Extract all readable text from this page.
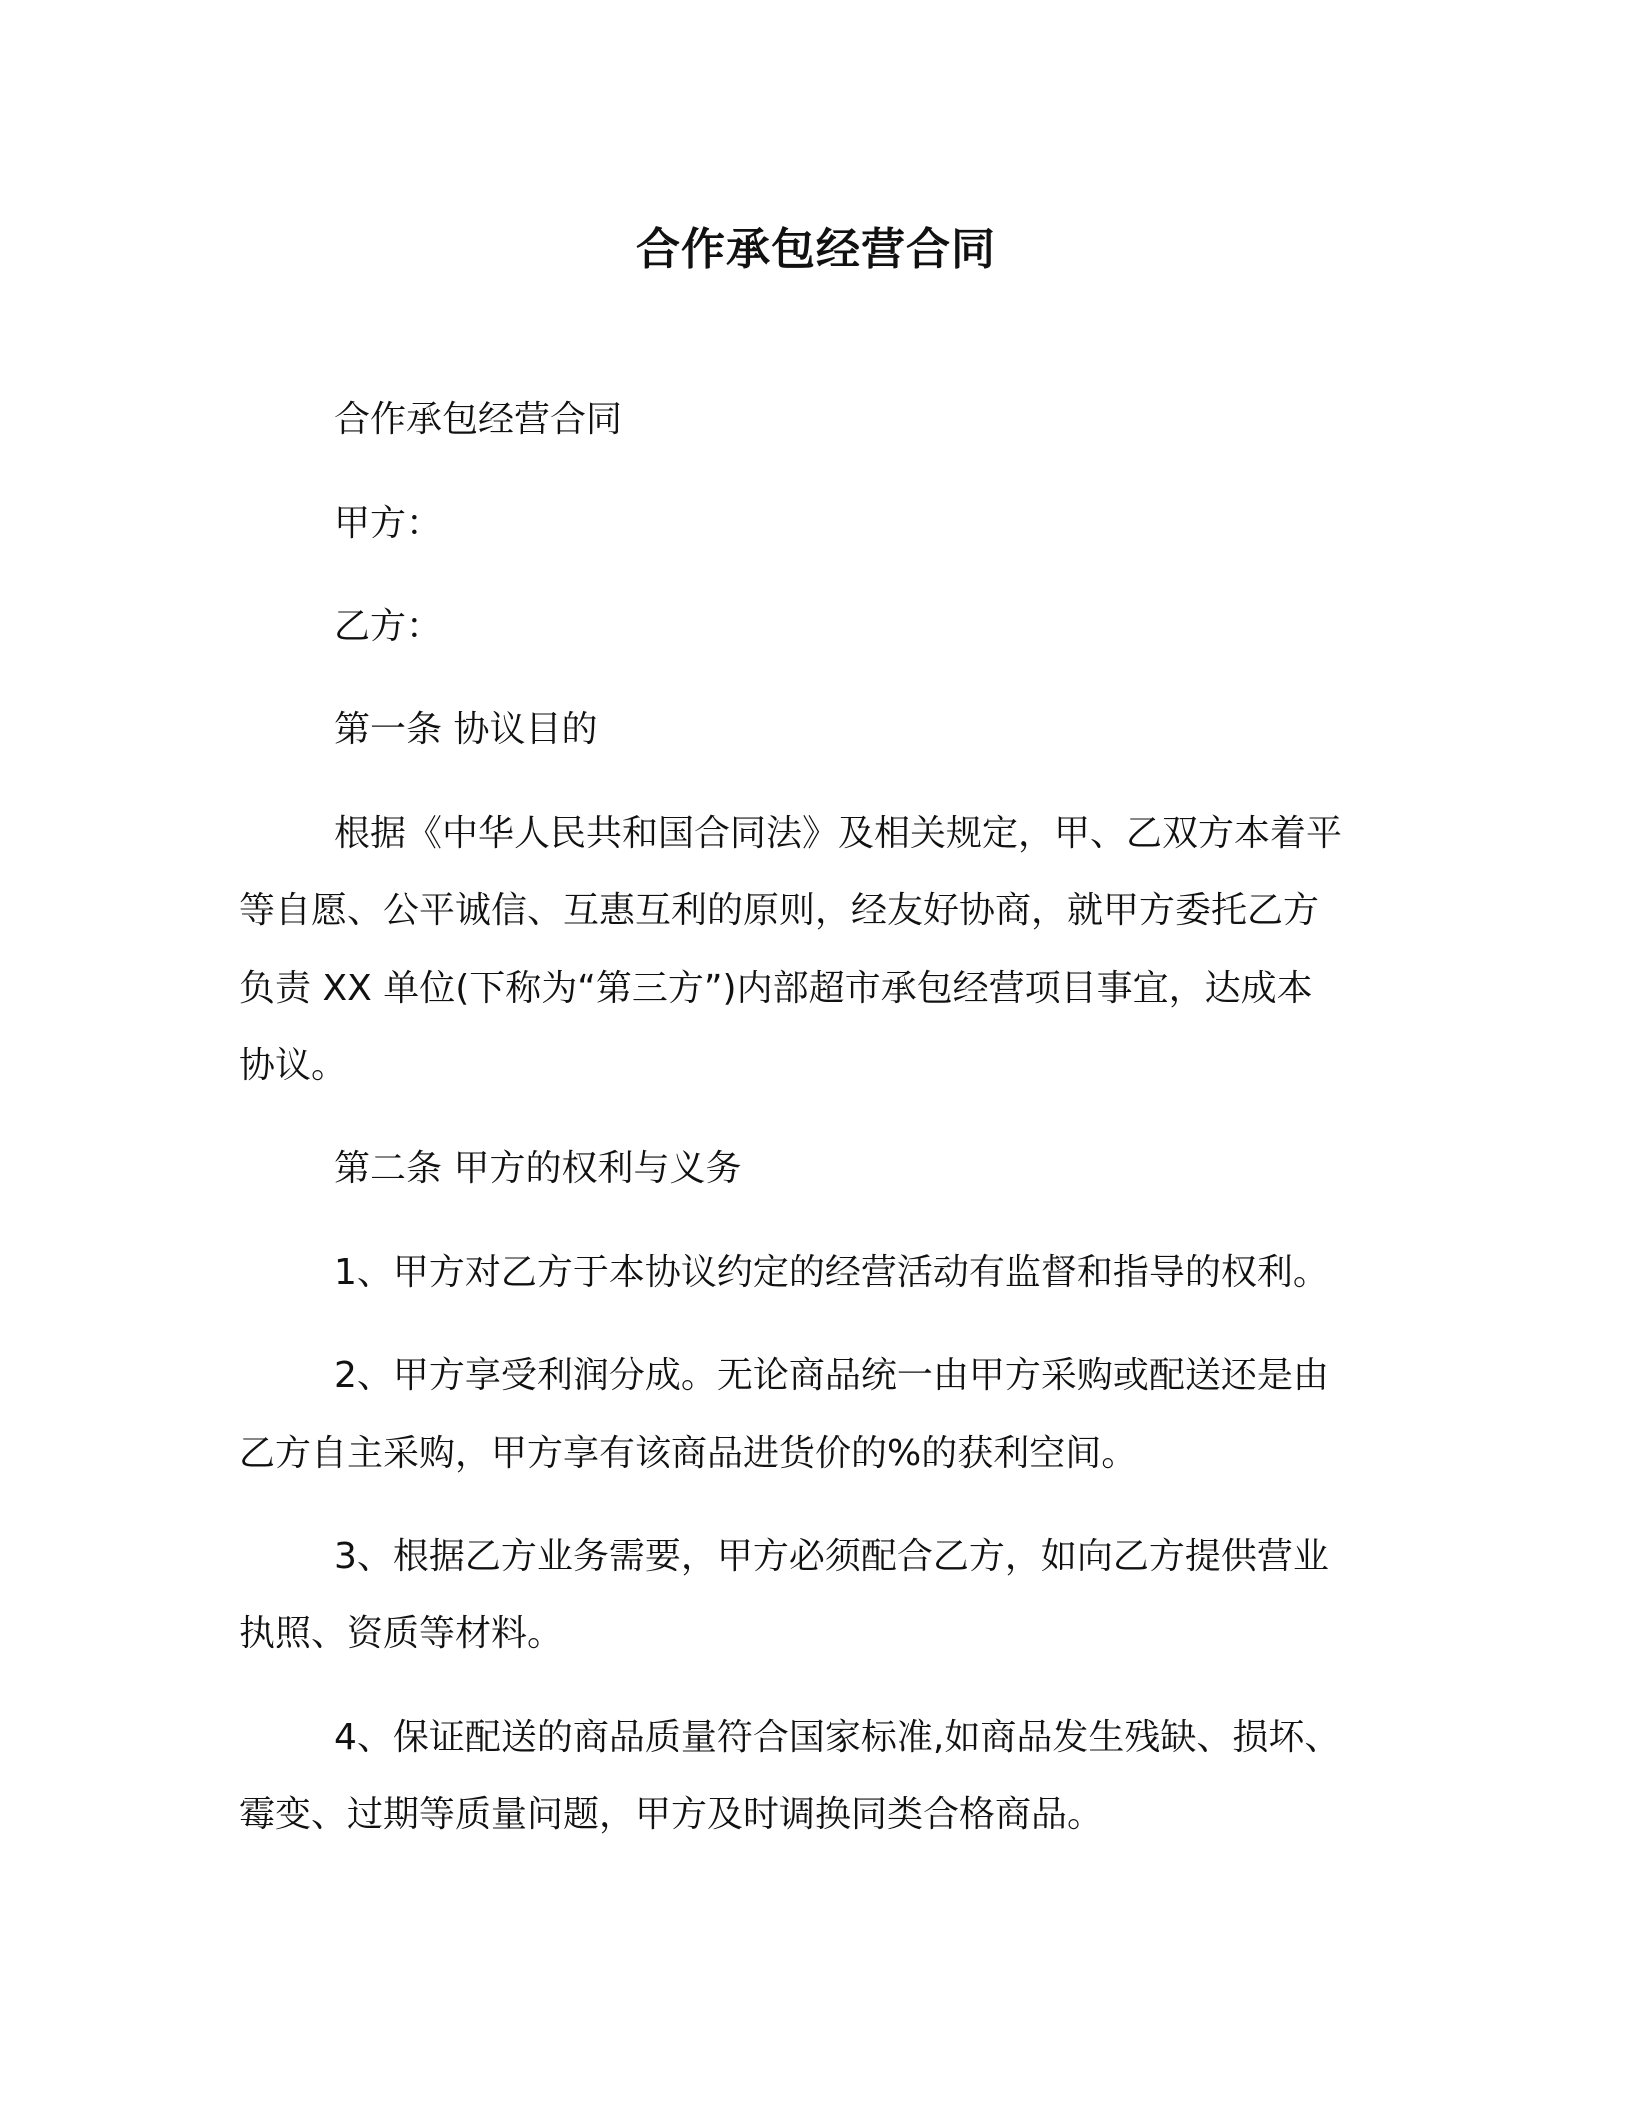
合作承包经营合同
合作承包经营合同
甲方：
乙方：
第一条 协议目的
根据《中华人民共和国合同法》及相关规定，甲、乙双方本着平
等自愿、公平诚信、互惠互利的原则，经友好协商，就甲方委托乙方
负责 XX 单位(下称为“第三方”)内部超市承包经营项目事宜，达成本
协议。
第二条 甲方的权利与义务
1、甲方对乙方于本协议约定的经营活动有监督和指导的权利。
2、甲方享受利润分成。无论商品统一由甲方采购或配送还是由
乙方自主采购，甲方享有该商品进货价的%的获利空间。
3、根据乙方业务需要，甲方必须配合乙方，如向乙方提供营业
执照、资质等材料。
4、保证配送的商品质量符合国家标准,如商品发生残缺、损坏、
霉变、过期等质量问题，甲方及时调换同类合格商品。
